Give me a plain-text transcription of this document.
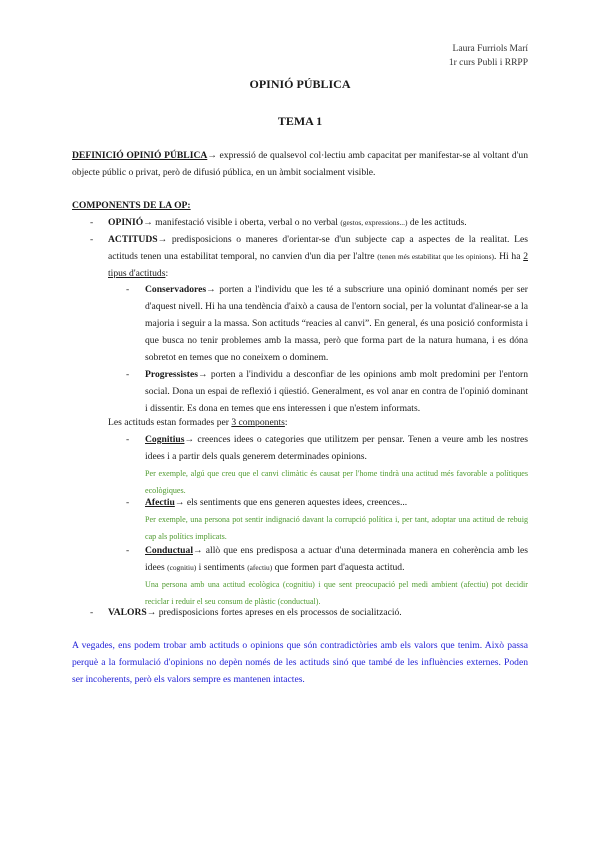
Laura Furriols Marí
1r curs Publi i RRPP
OPINIÓ PÚBLICA
TEMA 1
DEFINICIÓ OPINIÓ PÚBLICA→ expressió de qualsevol col·lectiu amb capacitat per manifestar-se al voltant d'un objecte públic o privat, però de difusió pública, en un àmbit socialment visible.
COMPONENTS DE LA OP:
- OPINIÓ→ manifestació visible i oberta, verbal o no verbal (gestos, expressions...) de les actituds.
- ACTITUDS→ predisposicions o maneres d'orientar-se d'un subjecte cap a aspectes de la realitat. Les actituds tenen una estabilitat temporal, no canvien d'un dia per l'altre (tenen més estabilitat que les opinions). Hi ha 2 tipus d'actituds:
- Conservadores→ porten a l'individu que les té a subscriure una opinió dominant només per ser d'aquest nivell. Hi ha una tendència d'això a causa de l'entorn social, per la voluntat d'alinear-se a la majoria i seguir a la massa. Son actituds “reacies al canvi”. En general, és una posició conformista i que busca no tenir problemes amb la massa, però que forma part de la natura humana, i es dóna sobretot en temes que no coneixem o dominem.
- Progressistes→ porten a l'individu a desconfiar de les opinions amb molt predomini per l'entorn social. Dona un espai de reflexió i qüestió. Generalment, es vol anar en contra de l'opinió dominant i dissentir. Es dona en temes que ens interessen i que n'estem informats.
Les actituds estan formades per 3 components:
- Cognitius→ creences idees o categories que utilitzem per pensar. Tenen a veure amb les nostres idees i a partir dels quals generem determinades opinions.
Per exemple, algú que creu que el canvi climàtic és causat per l'home tindrà una actitud més favorable a polítiques ecològiques.
- Afectiu→ els sentiments que ens generen aquestes idees, creences...
Per exemple, una persona pot sentir indignació davant la corrupció política i, per tant, adoptar una actitud de rebuig cap als polítics implicats.
- Conductual→ allò que ens predisposa a actuar d'una determinada manera en coherència amb les idees (cognitiu) i sentiments (afectiu) que formen part d'aquesta actitud.
Una persona amb una actitud ecològica (cognitiu) i que sent preocupació pel medi ambient (afectiu) pot decidir reciclar i reduir el seu consum de plàstic (conductual).
- VALORS→ predisposicions fortes apreses en els processos de socialització.
A vegades, ens podem trobar amb actituds o opinions que són contradictòries amb els valors que tenim. Això passa perquè a la formulació d'opinions no depèn només de les actituds sinó que també de les influències externes. Poden ser incoherents, però els valors sempre es mantenen intactes.
